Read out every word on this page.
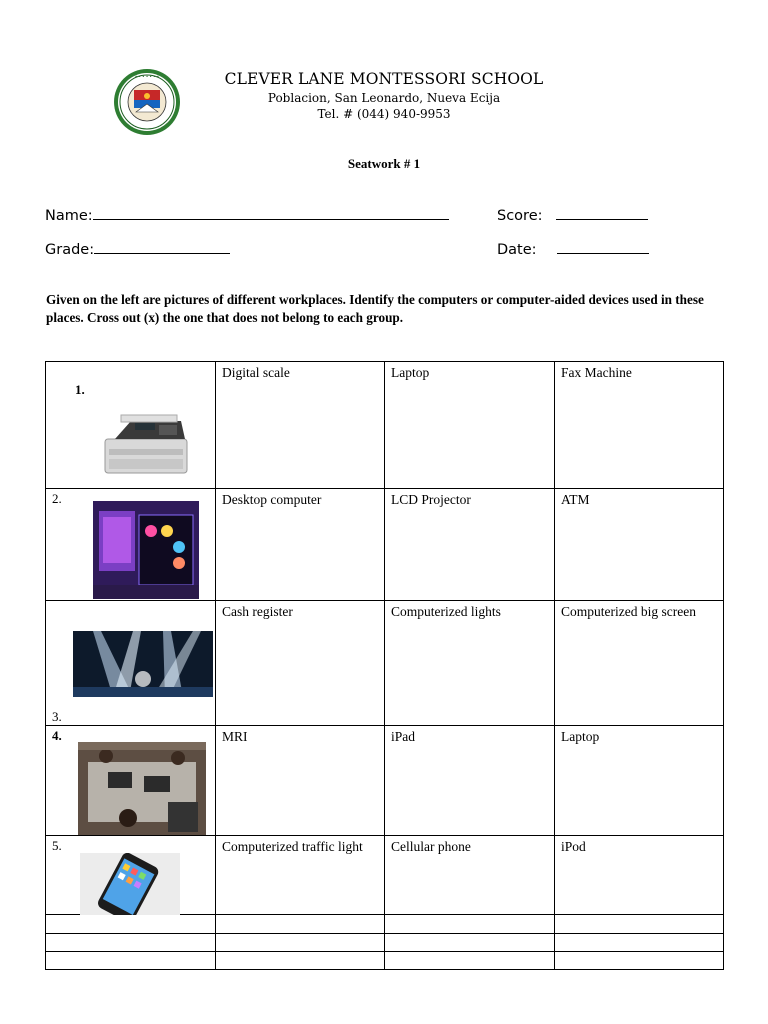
• • • • • • •	CLEVER LANE MONTESSORI SCHOOL
Poblacion, San Leonardo, Nueva Ecija
Tel. # (044) 940-9953
Seatwork # 1
Name:	Score:
Grade:	Date:
Given on the left are pictures of different workplaces. Identify the computers or computer-aided devices used in these places. Cross out (x) the one that does not belong to each group.
1.	Digital scale	Laptop	Fax Machine

2.	Desktop computer	LCD Projector	ATM

3.	Cash register	Computerized lights	Computerized big screen

4.	MRI	iPad	Laptop

5.	Computerized traffic light	Cellular phone	iPod
